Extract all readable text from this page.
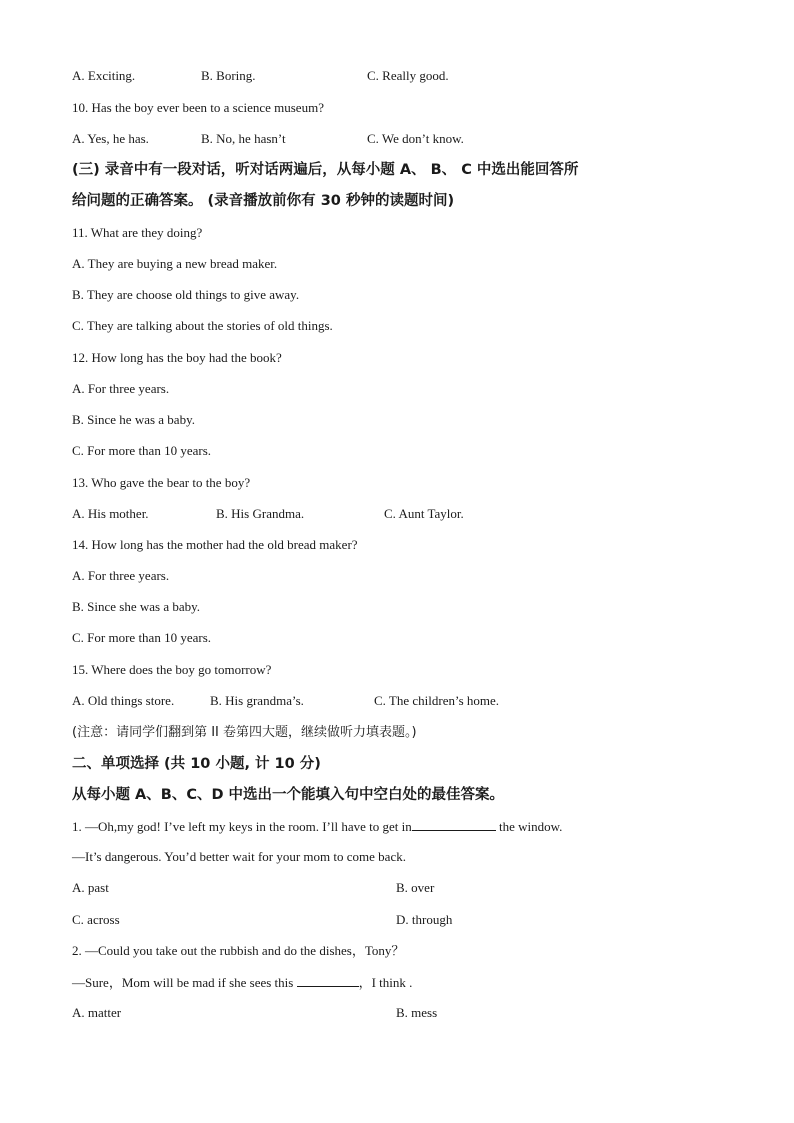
A. Exciting.	B. Boring.	C. Really good.
10. Has the boy ever been to a science museum?
A. Yes, he has.	B. No, he hasn’t	C. We don’t know.
(三) 录音中有一段对话，听对话两遍后，从每小题 A、 B、 C 中选出能回答所
给问题的正确答案。 (录音播放前你有 30 秒钟的读题时间)
11. What are they doing?
A. They are buying a new bread maker.
B. They are choose old things to give away.
C. They are talking about the stories of old things.
12. How long has the boy had the book?
A. For three years.
B. Since he was a baby.
C. For more than 10 years.
13. Who gave the bear to the boy?
A. His mother.	B. His Grandma.	C. Aunt Taylor.
14. How long has the mother had the old bread maker?
A. For three years.
B. Since she was a baby.
C. For more than 10 years.
15. Where does the boy go tomorrow?
A. Old things store.	B. His grandma’s.	C. The children’s home.
(注意：请同学们翻到第 II 卷第四大题，继续做听力填表题。)
二、单项选择 (共 10 小题, 计 10 分)
从每小题 A、B、C、D 中选出一个能填入句中空白处的最佳答案。
1. —Oh,my god! I’ve left my keys in the room. I’ll have to get in	the window.
—It’s dangerous. You’d better wait for your mom to come back.
A. past	B. over
C. across	D. through
2. —Could you take out the rubbish and do the dishes，Tony？
—Sure，Mom will be mad if she sees this	，I think .
A. matter	B. mess
